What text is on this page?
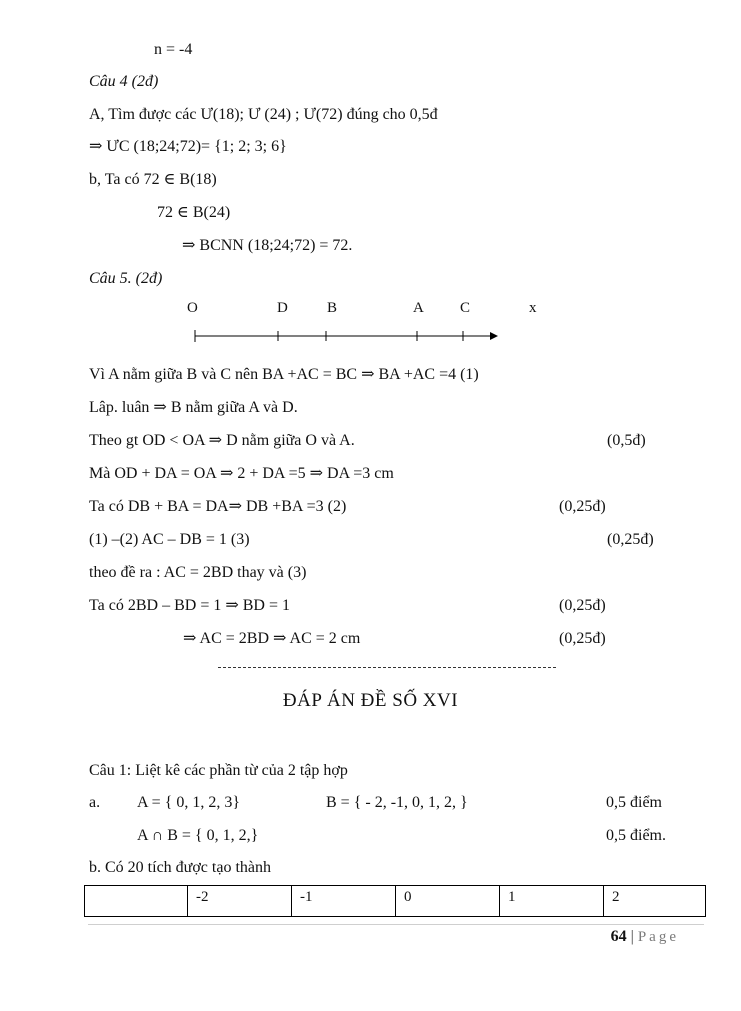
n = -4
Câu 4 (2đ)
A, Tìm được các Ư(18); Ư (24) ; Ư(72) đúng cho 0,5đ
⇒ ƯC (18;24;72)= {1; 2; 3; 6}
b, Ta có 72 ∈ B(18)
72 ∈ B(24)
⇒ BCNN (18;24;72) = 72.
Câu 5. (2đ)
O	D	B	A C	x
Vì A nằm giữa B và C nên BA +AC = BC ⇒ BA +AC =4 (1)
Lâp. luân ⇒ B nằm giữa A và D.
Theo gt OD < OA ⇒ D nằm giữa O và A.	(0,5đ)
Mà OD + DA = OA ⇒ 2 + DA =5 ⇒ DA =3 cm
Ta có DB + BA = DA⇒ DB +BA =3 (2)	(0,25đ)
(1) –(2) AC – DB = 1 (3)	(0,25đ)
theo đề ra : AC = 2BD thay và (3)
Ta có 2BD – BD = 1 ⇒ BD = 1	(0,25đ)
⇒ AC = 2BD ⇒ AC = 2 cm	(0,25đ)
ĐÁP ÁN ĐỀ SỐ XVI
Câu 1: Liệt kê các phần từ của 2 tập hợp
a. A = { 0, 1, 2, 3}	B = { - 2, -1, 0, 1, 2, }	0,5 điểm
A ∩ B = { 0, 1, 2,}	0,5 điểm.
b. Có 20 tích được tạo thành
	-2	-1	0	1	2
64 | Page
